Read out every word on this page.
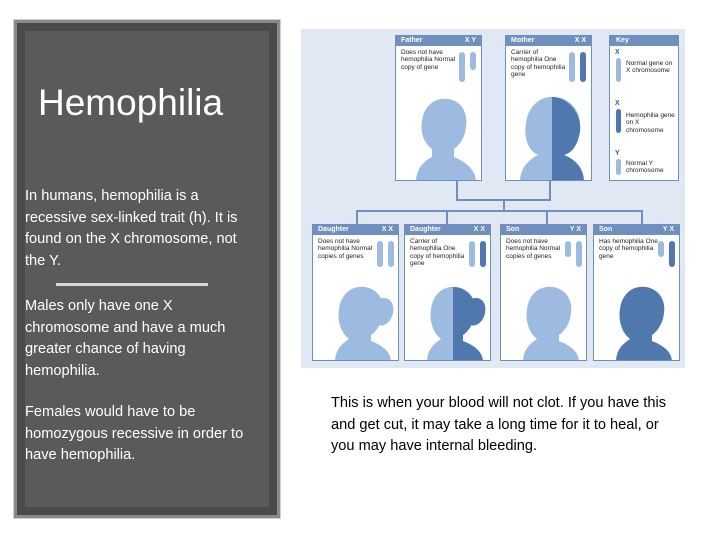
Hemophilia
In humans, hemophilia is a recessive sex-linked trait (h). It is found on the X chromosome, not the Y.
Males only have one X chromosome and have a much greater chance of having hemophilia.
Females would have to be homozygous recessive in order to have hemophilia.
Father	X Y
Does not have hemophilia Normal copy of gene
Mother	X X
Carrier of hemophilia One copy of hemophilia gene
Key
X
Normal gene on X chromosome
X
Hemophilia gene on X chromosome
Y
Normal Y chromosome
Daughter	X X
Does not have hemophilia Normal copies of genes
Daughter	X X
Carrier of hemophilia One copy of hemophilia gene
Son	Y X
Does not have hemophilia Normal copies of genes
Son	Y X
Has hemophilia One copy of hemophilia gene
This is when your blood will not clot. If you have this and get cut, it may take a long time for it to heal, or you may have internal bleeding.
